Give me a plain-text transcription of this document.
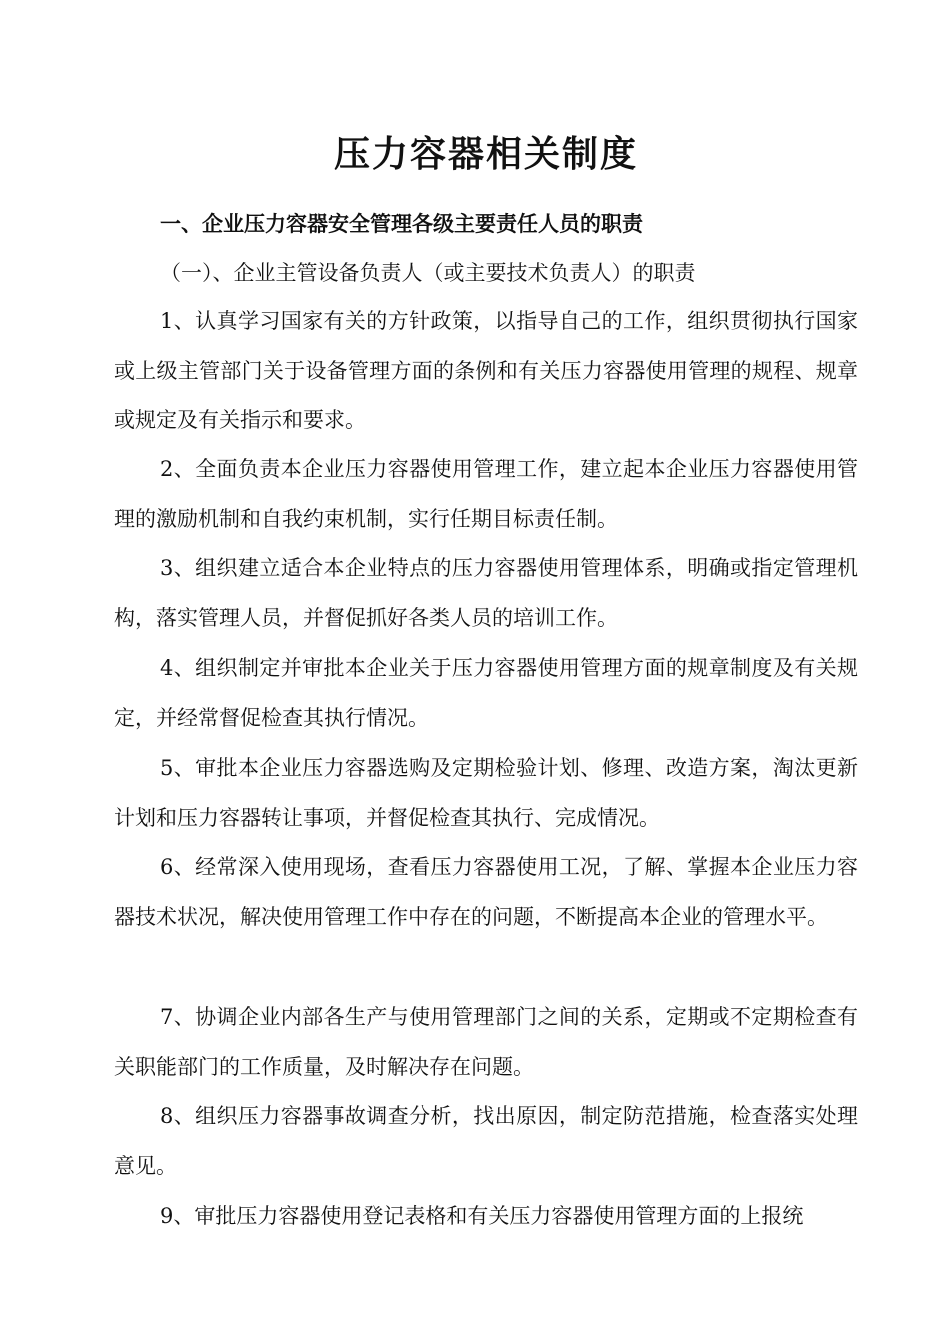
压力容器相关制度
一、企业压力容器安全管理各级主要责任人员的职责
（一）、企业主管设备负责人（或主要技术负责人）的职责

1、认真学习国家有关的方针政策，以指导自己的工作，组织贯彻执行国家或上级主管部门关于设备管理方面的条例和有关压力容器使用管理的规程、规章或规定及有关指示和要求。

2、全面负责本企业压力容器使用管理工作，建立起本企业压力容器使用管理的激励机制和自我约束机制，实行任期目标责任制。

3、组织建立适合本企业特点的压力容器使用管理体系，明确或指定管理机构，落实管理人员，并督促抓好各类人员的培训工作。

4、组织制定并审批本企业关于压力容器使用管理方面的规章制度及有关规定，并经常督促检查其执行情况。

5、审批本企业压力容器选购及定期检验计划、修理、改造方案，淘汰更新计划和压力容器转让事项，并督促检查其执行、完成情况。

6、经常深入使用现场，查看压力容器使用工况，了解、掌握本企业压力容器技术状况，解决使用管理工作中存在的问题，不断提高本企业的管理水平。

7、协调企业内部各生产与使用管理部门之间的关系，定期或不定期检查有关职能部门的工作质量，及时解决存在问题。

8、组织压力容器事故调查分析，找出原因，制定防范措施，检查落实处理意见。

9、审批压力容器使用登记表格和有关压力容器使用管理方面的上报统
